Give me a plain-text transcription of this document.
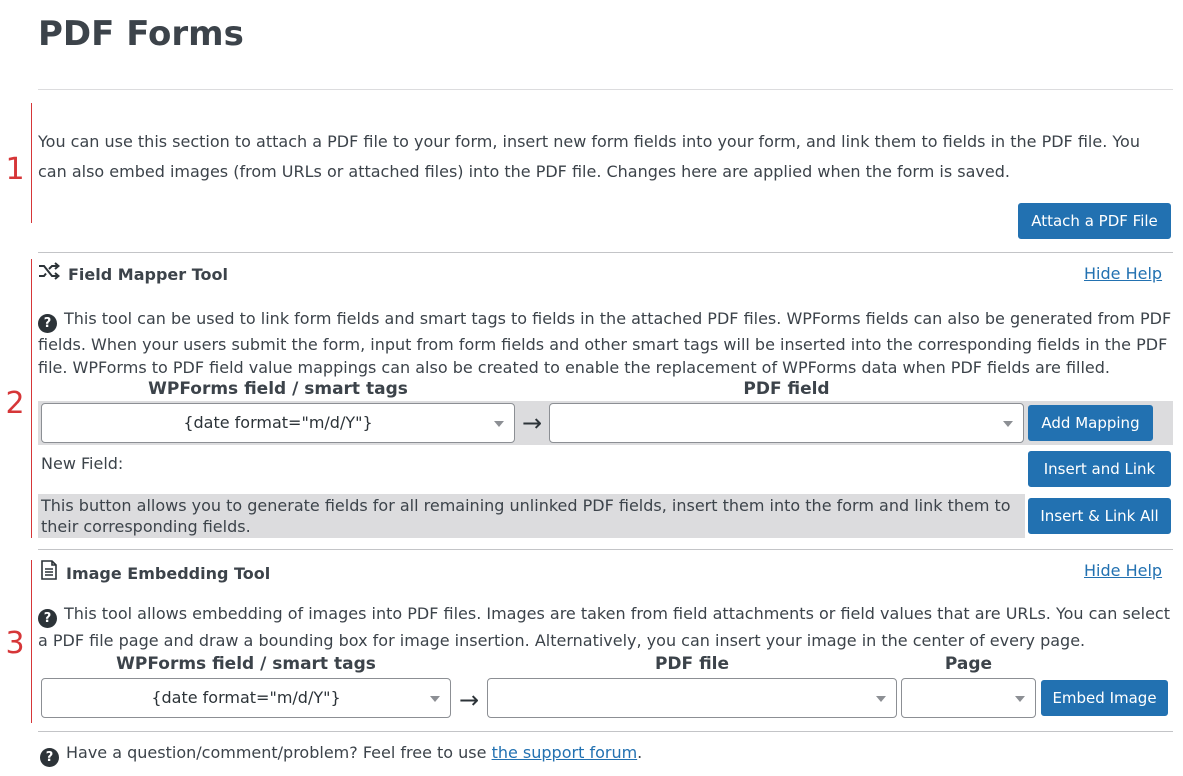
PDF Forms
1
You can use this section to attach a PDF file to your form, insert new form fields into your form, and link them to fields in the PDF file. You can also embed images (from URLs or attached files) into the PDF file. Changes here are applied when the form is saved.
Attach a PDF File
2
Field Mapper Tool	Hide Help
? This tool can be used to link form fields and smart tags to fields in the attached PDF files. WPForms fields can also be generated from PDF fields. When your users submit the form, input from form fields and other smart tags will be inserted into the corresponding fields in the PDF file. WPForms to PDF field value mappings can also be created to enable the replacement of WPForms data when PDF fields are filled.
WPForms field / smart tags	PDF field
{date format="m/d/Y"}	→	Add Mapping
New Field:	Insert and Link
This button allows you to generate fields for all remaining unlinked PDF fields, insert them into the form and link them to their corresponding fields.
Insert & Link All
3
Image Embedding Tool	Hide Help
? This tool allows embedding of images into PDF files. Images are taken from field attachments or field values that are URLs. You can select a PDF file page and draw a bounding box for image insertion. Alternatively, you can insert your image in the center of every page.
WPForms field / smart tags	PDF file	Page
{date format="m/d/Y"}	→	Embed Image
? Have a question/comment/problem? Feel free to use the support forum.
